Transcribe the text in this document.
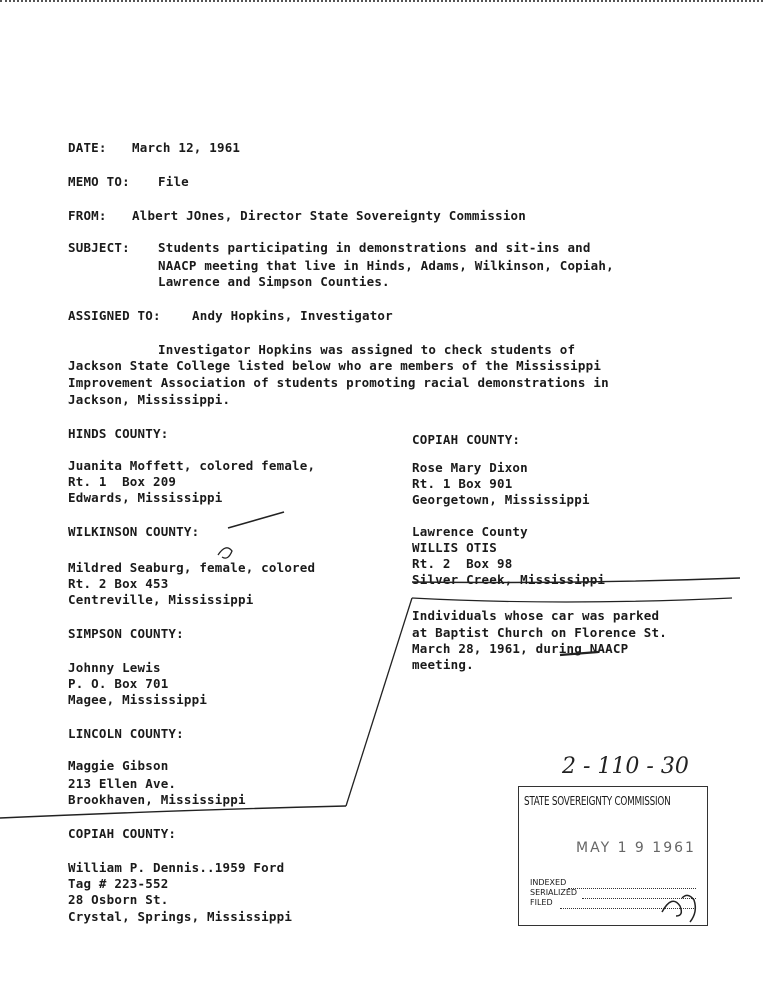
DATE: March 12, 1961
MEMO TO: File
FROM: Albert JOnes, Director State Sovereignty Commission
SUBJECT: Students participating in demonstrations and sit-ins and
NAACP meeting that live in Hinds, Adams, Wilkinson, Copiah,
Lawrence and Simpson Counties.
ASSIGNED TO:	Andy Hopkins, Investigator
Investigator Hopkins was assigned to check students of
Jackson State College listed below who are members of the Mississippi
Improvement Association of students promoting racial demonstrations in
Jackson, Mississippi.
HINDS COUNTY:
Juanita Moffett, colored female,
Rt. 1  Box 209
Edwards, Mississippi
WILKINSON COUNTY:
Mildred Seaburg, female, colored
Rt. 2 Box 453
Centreville, Mississippi
SIMPSON COUNTY:
Johnny Lewis
P. O. Box 701
Magee, Mississippi
LINCOLN COUNTY:
Maggie Gibson
213 Ellen Ave.
Brookhaven, Mississippi
COPIAH COUNTY:
William P. Dennis..1959 Ford
Tag # 223-552
28 Osborn St.
Crystal, Springs, Mississippi
COPIAH COUNTY:
Rose Mary Dixon
Rt. 1 Box 901
Georgetown, Mississippi
Lawrence County
WILLIS OTIS
Rt. 2  Box 98
Silver Creek, Mississippi
Individuals whose car was parked
at Baptist Church on Florence St.
March 28, 1961, during NAACP
meeting.
2 - 110 - 30
STATE SOVEREIGNTY COMMISSION
MAY 1 9 1961
INDEXED
SERIALIZED
FILED
